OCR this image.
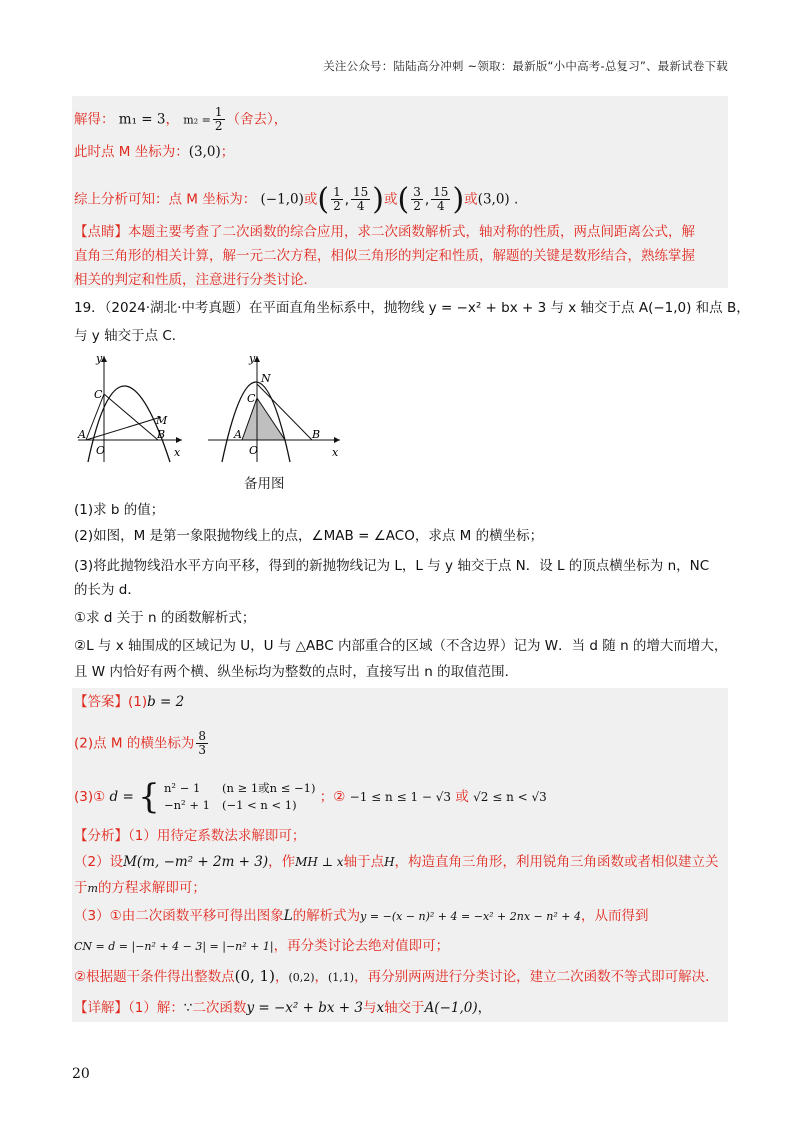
关注公众号：陆陆高分冲刺 ~领取：最新版“小中高考-总复习”、最新试卷下载
解得： m₁ = 3， $m_2 = \frac{1}{2}$ （舍去），
此时点 M 坐标为：(3,0)；
综上分析可知：点 M 坐标为： (−1,0)或( $\frac{1}{2}$ , $\frac{15}{4}$ )或( $\frac{3}{2}$ , $\frac{15}{4}$ )或(3,0) .
【点睛】本题主要考查了二次函数的综合应用，求二次函数解析式，轴对称的性质，两点间距离公式，解
直角三角形的相关计算，解一元二次方程，相似三角形的判定和性质，解题的关键是数形结合，熟练掌握
相关的判定和性质，注意进行分类讨论．
19．（2024·湖北·中考真题）在平面直角坐标系中，抛物线 y = −x² + bx + 3 与 x 轴交于点 A(−1,0) 和点 B，
与 y 轴交于点 C．
y
x
O
A	B
C
M
y
x
O
A	B
C
N
备用图
(1)求 b 的值；
(2)如图，M 是第一象限抛物线上的点，∠MAB = ∠ACO，求点 M 的横坐标；
(3)将此抛物线沿水平方向平移，得到的新抛物线记为 L，L 与 y 轴交于点 N．设 L 的顶点横坐标为 n，NC
的长为 d．
①求 d 关于 n 的函数解析式；
②L 与 x 轴围成的区域记为 U，U 与 △ABC 内部重合的区域（不含边界）记为 W．当 d 随 n 的增大而增大，
且 W 内恰好有两个横、纵坐标均为整数的点时，直接写出 n 的取值范围．
【答案】(1)b = 2
(2)点 M 的横坐标为 $\frac{8}{3}$
(3)① d = { n² − 1 (n ≥ 1或n ≤ −1)
−n² + 1 (−1 < n < 1)	；② −1 ≤ n ≤ 1 − √3 或 √2 ≤ n < √3
【分析】（1）用待定系数法求解即可；
（2）设M(m, −m² + 2m + 3)，作MH ⊥ x轴于点H，构造直角三角形，利用锐角三角函数或者相似建立关
于m的方程求解即可；
（3）①由二次函数平移可得出图象L的解析式为y = −(x − n)² + 4 = −x² + 2nx − n² + 4，从而得到
CN = d = |−n² + 4 − 3| = |−n² + 1|，再分类讨论去绝对值即可；
②根据题干条件得出整数点(0, 1)，(0,2)，(1,1)，再分别两两进行分类讨论，建立二次函数不等式即可解决．
【详解】（1）解：∵二次函数y = −x² + bx + 3与x轴交于A(−1,0)，
20
